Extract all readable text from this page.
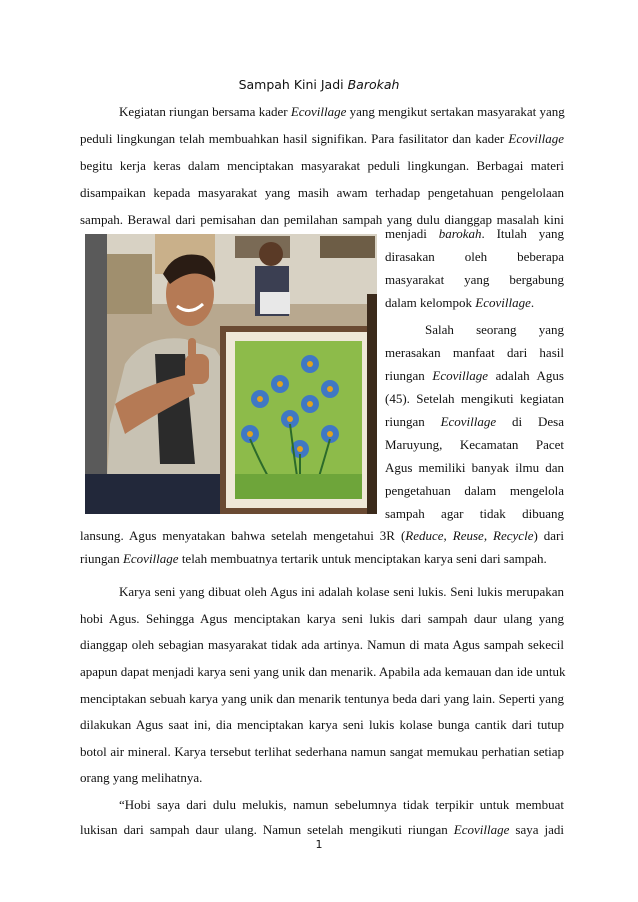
Sampah Kini Jadi Barokah
Kegiatan riungan bersama kader Ecovillage yang mengikut sertakan masyarakat yang
peduli lingkungan telah membuahkan hasil signifikan. Para fasilitator dan kader Ecovillage
begitu kerja keras dalam menciptakan masyarakat peduli lingkungan. Berbagai materi
disampaikan kepada masyarakat yang masih awam terhadap pengetahuan pengelolaan
sampah. Berawal dari pemisahan dan pemilahan sampah yang dulu dianggap masalah kini
menjadi barokah. Itulah yang
dirasakan oleh beberapa
masyarakat yang bergabung
dalam kelompok Ecovillage.
Salah seorang yang
merasakan manfaat dari hasil
riungan Ecovillage adalah Agus
(45). Setelah mengikuti kegiatan
riungan Ecovillage di Desa
Maruyung, Kecamatan Pacet
Agus memiliki banyak ilmu dan
pengetahuan dalam mengelola
sampah agar tidak dibuang
lansung. Agus menyatakan bahwa setelah mengetahui 3R (Reduce, Reuse, Recycle) dari
riungan Ecovillage telah membuatnya tertarik untuk menciptakan karya seni dari sampah.
Karya seni yang dibuat oleh Agus ini adalah kolase seni lukis. Seni lukis merupakan
hobi Agus. Sehingga Agus menciptakan karya seni lukis dari sampah daur ulang yang
dianggap oleh sebagian masyarakat tidak ada artinya. Namun di mata Agus sampah sekecil
apapun dapat menjadi karya seni yang unik dan menarik. Apabila ada kemauan dan ide untuk
menciptakan sebuah karya yang unik dan menarik tentunya beda dari yang lain. Seperti yang
dilakukan Agus saat ini, dia menciptakan karya seni lukis kolase bunga cantik dari tutup
botol air mineral. Karya tersebut terlihat sederhana namun sangat memukau perhatian setiap
orang yang melihatnya.
“Hobi saya dari dulu melukis, namun sebelumnya tidak terpikir untuk membuat
lukisan dari sampah daur ulang. Namun setelah mengikuti riungan Ecovillage saya jadi
1
